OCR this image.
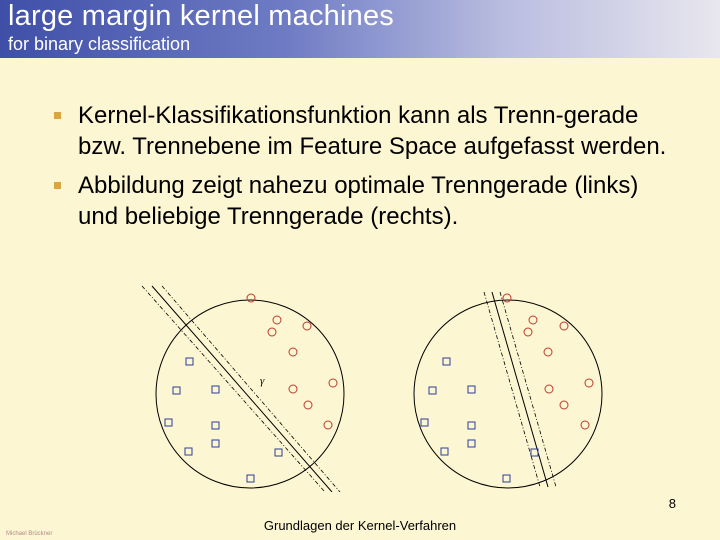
large margin kernel machines
for binary classification
Kernel-Klassifikationsfunktion kann als Trenn-gerade bzw. Trennebene im Feature Space aufgefasst werden.
Abbildung zeigt nahezu optimale Trenngerade (links) und beliebige Trenngerade (rechts).
γ
8
Grundlagen der Kernel-Verfahren
Michael Brückner
